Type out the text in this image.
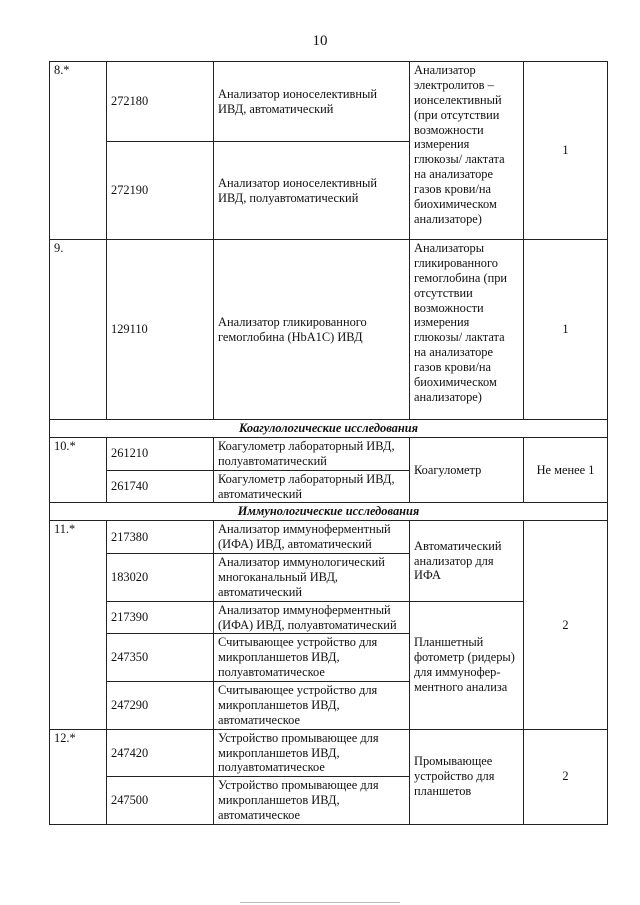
10
8.*	272180	Анализатор ионоселективный ИВД, автоматический	Анализатор электролитов – ионселективный (при отсутствии возможности измерения глюкозы/ лактата на анализаторе газов крови/на биохимическом анализаторе)	1
	272190	Анализатор ионоселективный ИВД, полуавтоматический		
9.	129110	Анализатор гликированного гемоглобина (HbA1C) ИВД	Анализаторы гликированного гемоглобина (при отсутствии возможности измерения глюкозы/ лактата на анализаторе газов крови/на биохимическом анализаторе)	1
Коагулологические исследования				
10.*	261210	Коагулометр лабораторный ИВД, полуавтоматический	Коагулометр	Не менее 1
	261740	Коагулометр лабораторный ИВД, автоматический		
Иммунологические исследования				
11.*	217380	Анализатор иммуноферментный (ИФА) ИВД, автоматический	Автоматический анализатор для ИФА	2
	183020	Анализатор иммунологический многоканальный ИВД, автоматический		
	217390	Анализатор иммуноферментный (ИФА) ИВД, полуавтоматический	Планшетный фотометр (ридеры) для иммунофер-ментного анализа	
	247350	Считывающее устройство для микропланшетов ИВД, полуавтоматическое		
	247290	Считывающее устройство для микропланшетов ИВД, автоматическое		
12.*	247420	Устройство промывающее для микропланшетов ИВД, полуавтоматическое	Промывающее устройство для планшетов	2
	247500	Устройство промывающее для микропланшетов ИВД, автоматическое		
